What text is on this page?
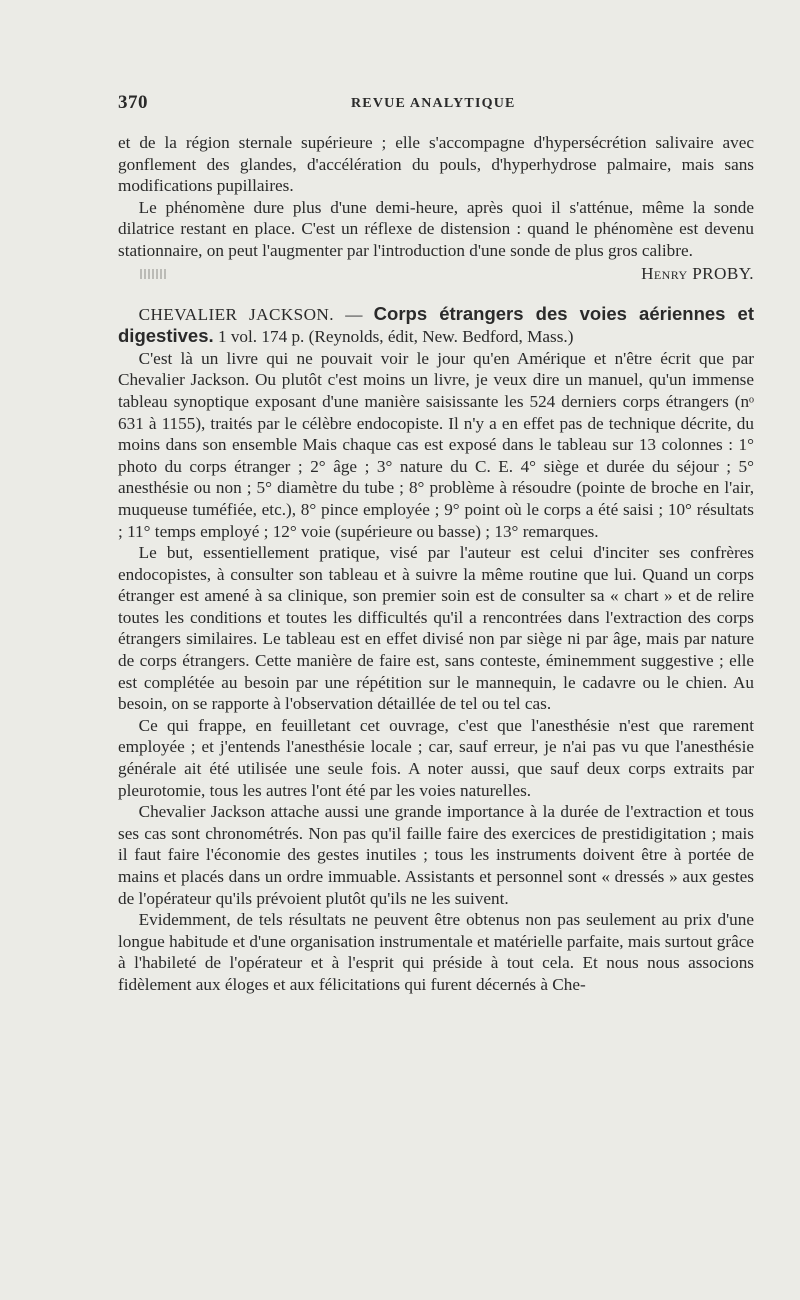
370	REVUE ANALYTIQUE

et de la région sternale supérieure ; elle s'accompagne d'hypersécrétion salivaire avec gonflement des glandes, d'accélération du pouls, d'hyperhydrose palmaire, mais sans modifications pupillaires.

Le phénomène dure plus d'une demi-heure, après quoi il s'atténue, même la sonde dilatrice restant en place. C'est un réflexe de distension : quand le phénomène est devenu stationnaire, on peut l'augmenter par l'introduction d'une sonde de plus gros calibre.

Henry PROBY.

CHEVALIER JACKSON. — Corps étrangers des voies aériennes et digestives. 1 vol. 174 p. (Reynolds, édit, New. Bedford, Mass.)

C'est là un livre qui ne pouvait voir le jour qu'en Amérique et n'être écrit que par Chevalier Jackson. Ou plutôt c'est moins un livre, je veux dire un manuel, qu'un immense tableau synoptique exposant d'une manière saisissante les 524 derniers corps étrangers (nᵒ 631 à 1155), traités par le célèbre endocopiste. Il n'y a en effet pas de technique décrite, du moins dans son ensemble Mais chaque cas est exposé dans le tableau sur 13 colonnes : 1° photo du corps étranger ; 2° âge ; 3° nature du C. E. 4° siège et durée du séjour ; 5° anesthésie ou non ; 5° diamètre du tube ; 8° problème à résoudre (pointe de broche en l'air, muqueuse tuméfiée, etc.), 8° pince employée ; 9° point où le corps a été saisi ; 10° résultats ; 11° temps employé ; 12° voie (supérieure ou basse) ; 13° remarques.

Le but, essentiellement pratique, visé par l'auteur est celui d'inciter ses confrères endocopistes, à consulter son tableau et à suivre la même routine que lui. Quand un corps étranger est amené à sa clinique, son premier soin est de consulter sa « chart » et de relire toutes les conditions et toutes les difficultés qu'il a rencontrées dans l'extraction des corps étrangers similaires. Le tableau est en effet divisé non par siège ni par âge, mais par nature de corps étrangers. Cette manière de faire est, sans conteste, éminemment suggestive ; elle est complétée au besoin par une répétition sur le mannequin, le cadavre ou le chien. Au besoin, on se rapporte à l'observation détaillée de tel ou tel cas.

Ce qui frappe, en feuilletant cet ouvrage, c'est que l'anesthésie n'est que rarement employée ; et j'entends l'anesthésie locale ; car, sauf erreur, je n'ai pas vu que l'anesthésie générale ait été utilisée une seule fois. A noter aussi, que sauf deux corps extraits par pleurotomie, tous les autres l'ont été par les voies naturelles.

Chevalier Jackson attache aussi une grande importance à la durée de l'extraction et tous ses cas sont chronométrés. Non pas qu'il faille faire des exercices de prestidigitation ; mais il faut faire l'économie des gestes inutiles ; tous les instruments doivent être à portée de mains et placés dans un ordre immuable. Assistants et personnel sont « dressés » aux gestes de l'opérateur qu'ils prévoient plutôt qu'ils ne les suivent.

Evidemment, de tels résultats ne peuvent être obtenus non pas seulement au prix d'une longue habitude et d'une organisation instrumentale et matérielle parfaite, mais surtout grâce à l'habileté de l'opérateur et à l'esprit qui préside à tout cela. Et nous nous associons fidèlement aux éloges et aux félicitations qui furent décernés à Che-
